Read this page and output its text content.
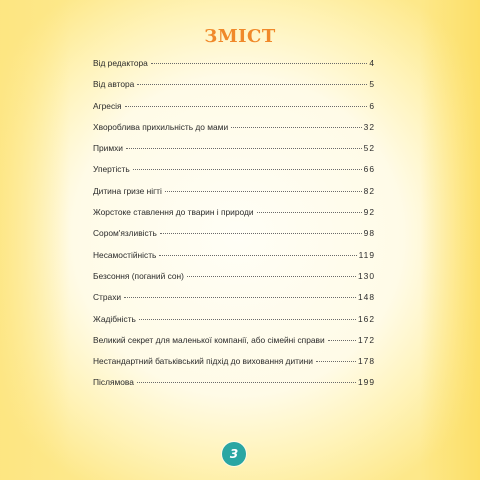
ЗМІСТ
Від редактора	4
Від автора	5
Агресія	6
Хвороблива прихильність до мами	32
Примхи	52
Упертість	66
Дитина гризе нігті	82
Жорстоке ставлення до тварин і природи	92
Сором'язливість	98
Несамостійність	119
Безсоння (поганий сон)	130
Страхи	148
Жадібність	162
Великий секрет для маленької компанії, або сімейні справи	172
Нестандартний батьківський підхід до виховання дитини	178
Післямова	199
3
